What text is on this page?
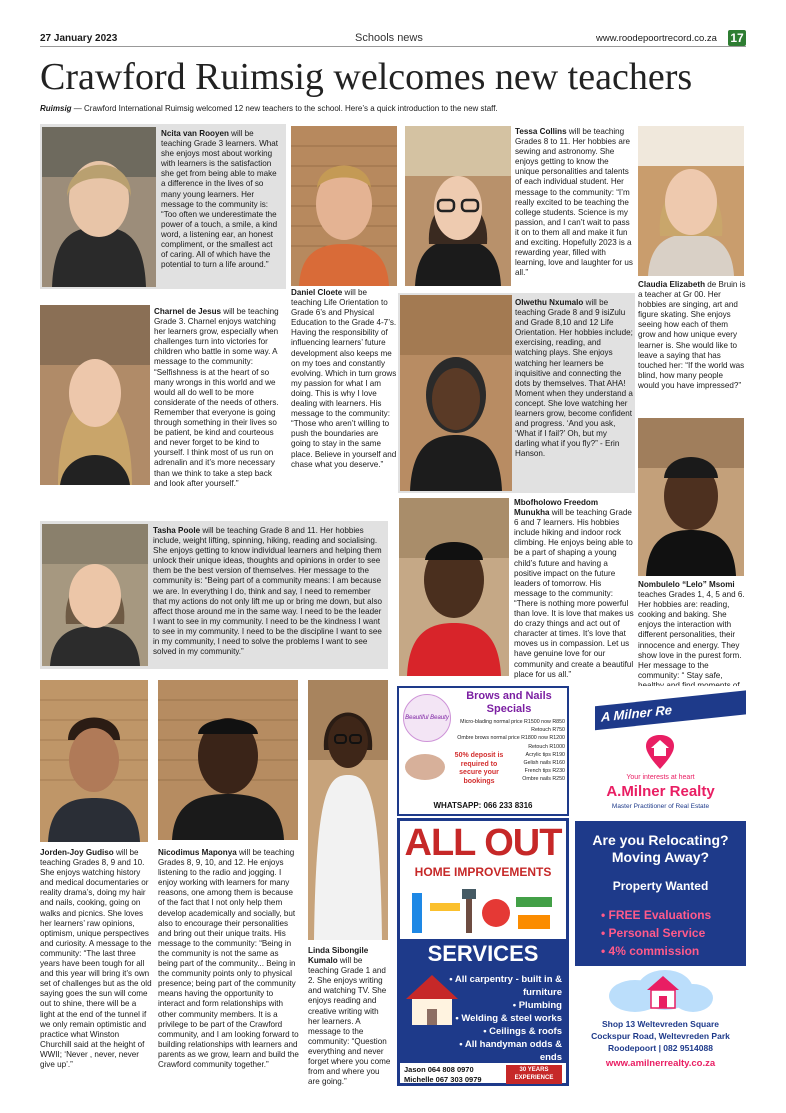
27 January 2023	Schools news	www.roodepoortrecord.co.za 17
Crawford Ruimsig welcomes new teachers
Ruimsig — Crawford International Ruimsig welcomed 12 new teachers to the school. Here’s a quick introduction to the new staff.
Ncita van Rooyen will be teaching Grade 3 learners. What she enjoys most about working with learners is the satisfaction she get from being able to make a difference in the lives of so many young learners. Her message to the community is: “Too often we underestimate the power of a touch, a smile, a kind word, a listening ear, an honest compliment, or the smallest act of caring. All of which have the potential to turn a life around.”
Charnel de Jesus will be teaching Grade 3. Charnel enjoys watching her learners grow, especially when challenges turn into victories for children who battle in some way. A message to the community: “Selfishness is at the heart of so many wrongs in this world and we would all do well to be more considerate of the needs of others. Remember that everyone is going through something in their lives so be patient, be kind and courteous and never forget to be kind to yourself. I think most of us run on adrenalin and it’s more necessary than we think to take a step back and look after yourself.”
Daniel Cloete will be teaching Life Orientation to Grade 6’s and Physical Education to the Grade 4-7’s. Having the responsibility of influencing learners’ future development also keeps me on my toes and constantly evolving. Which in turn grows my passion for what I am doing. This is why I love dealing with learners. His message to the community: “Those who aren’t willing to push the boundaries are going to stay in the same place. Believe in yourself and chase what you deserve.”
Tessa Collins will be teaching Grades 8 to 11. Her hobbies are sewing and astronomy. She enjoys getting to know the unique personalities and talents of each individual student. Her message to the community: “I’m really excited to be teaching the college students. Science is my passion, and I can’t wait to pass it on to them all and make it fun and exciting. Hopefully 2023 is a rewarding year, filled with learning, love and laughter for us all.”
Claudia Elizabeth de Bruin is a teacher at Gr 00. Her hobbies are singing, art and figure skating. She enjoys seeing how each of them grow and how unique every learner is. She would like to leave a saying that has touched her: “If the world was blind, how many people would you have impressed?”
Olwethu Nxumalo will be teaching Grade 8 and 9 isiZulu and Grade 8,10 and 12 Life Orientation. Her hobbies include; exercising, reading, and watching plays. She enjoys watching her learners be inquisitive and connecting the dots by themselves. That AHA! Moment when they understand a concept. She love watching her learners grow, become confident and progress. ‘And you ask, ‘What if I fail?’ Oh, but my darling what if you fly?” - Erin Hanson.
Tasha Poole will be teaching Grade 8 and 11. Her hobbies include, weight lifting, spinning, hiking, reading and socialising. She enjoys getting to know individual learners and helping them unlock their unique ideas, thoughts and opinions in order to see them be the best version of themselves. Her message to the community is: “Being part of a community means: I am because we are. In everything I do, think and say, I need to remember that my actions do not only lift me up or bring me down, but also affect those around me in the same way. I need to be the leader I want to see in my community. I need to be the kindness I want to see in my community. I need to be the discipline I want to see in my community, I need to solve the problems I want to see solved in my community.”
Mbofholowo Freedom Munukha will be teaching Grade 6 and 7 learners. His hobbies include hiking and indoor rock climbing. He enjoys being able to be a part of shaping a young child’s future and having a positive impact on the future leaders of tomorrow. His message to the community: “There is nothing more powerful than love. It is love that makes us do crazy things and act out of character at times. It’s love that moves us in compassion. Let us have genuine love for our community and create a beautiful place for us all.”
Nombulelo “Lelo” Msomi teaches Grades 1, 4, 5 and 6. Her hobbies are: reading, cooking and baking. She enjoys the interaction with different personalities, their innocence and energy. They show love in the purest form. Her message to the community: “ Stay safe,
Jorden-Joy Gudiso will be teaching Grades 8, 9 and 10. She enjoys watching history and medical documentaries or reality drama’s, doing my hair and nails, cooking, going on walks and picnics. She loves her learners’ raw opinions, optimism, unique perspectives and curiosity. A message to the community: “The last three years have been tough for all and this year will bring it’s own set of challenges but as the old saying goes the sun will come out to shine, there will be a light at the end of the tunnel if we only remain optimistic and practice what Winston Churchill said at the height of WWII; ‘Never , never, never give up’.”
Nicodimus Maponya will be teaching Grades 8, 9, 10, and 12. He enjoys listening to the radio and jogging. I enjoy working with learners for many reasons, one among them is because of the fact that I not only help them develop academically and socially, but also to encourage their personalities and bring out their unique traits. His message to the community: “Being in the community is not the same as being part of the community... Being in the community points only to physical presence; being part of the community means having the opportunity to interact and form relationships with other community members. It is a privilege to be part of the Crawford community, and I am looking forward to building relationships with learners and parents as we grow, learn and build the Crawford community together.”
Linda Sibongile Kumalo will be teaching Grade 1 and 2. She enjoys writing and watching TV. She enjoys reading and creative writing with her learners. A message to the community: “Question everything and never forget where you come from and where you are going.”
Beautiful Beauty
Brows and Nails Specials
Micro-blading normal price R1500 now R850
Retouch R750
Ombre brows normal price R1800 now R1200
Retouch R1000
Acrylic tips R190
Gelish nails R160
French tips R230
Ombre nails R250
50% deposit is required to secure your bookings
WHATSAPP: 066 233 8316
ALL OUT
HOME IMPROVEMENTS
SERVICES
• All carpentry - built in & furniture
• Plumbing
• Welding & steel works
• Ceilings & roofs
• All handyman odds & ends
Jason 064 808 0970
Michelle 067 303 0979
30 YEARS EXPERIENCE
A Milner Re
Your interests at heart
A.Milner Realty
Master Practitioner of Real Estate
Are you Relocating?
Moving Away?
Property Wanted
• FREE Evaluations
• Personal Service
• 4% commission
Shop 13 Weltevreden Square
Cockspur Road, Weltevreden Park
Roodepoort | 082 9514088
www.amilnerrealty.co.za
